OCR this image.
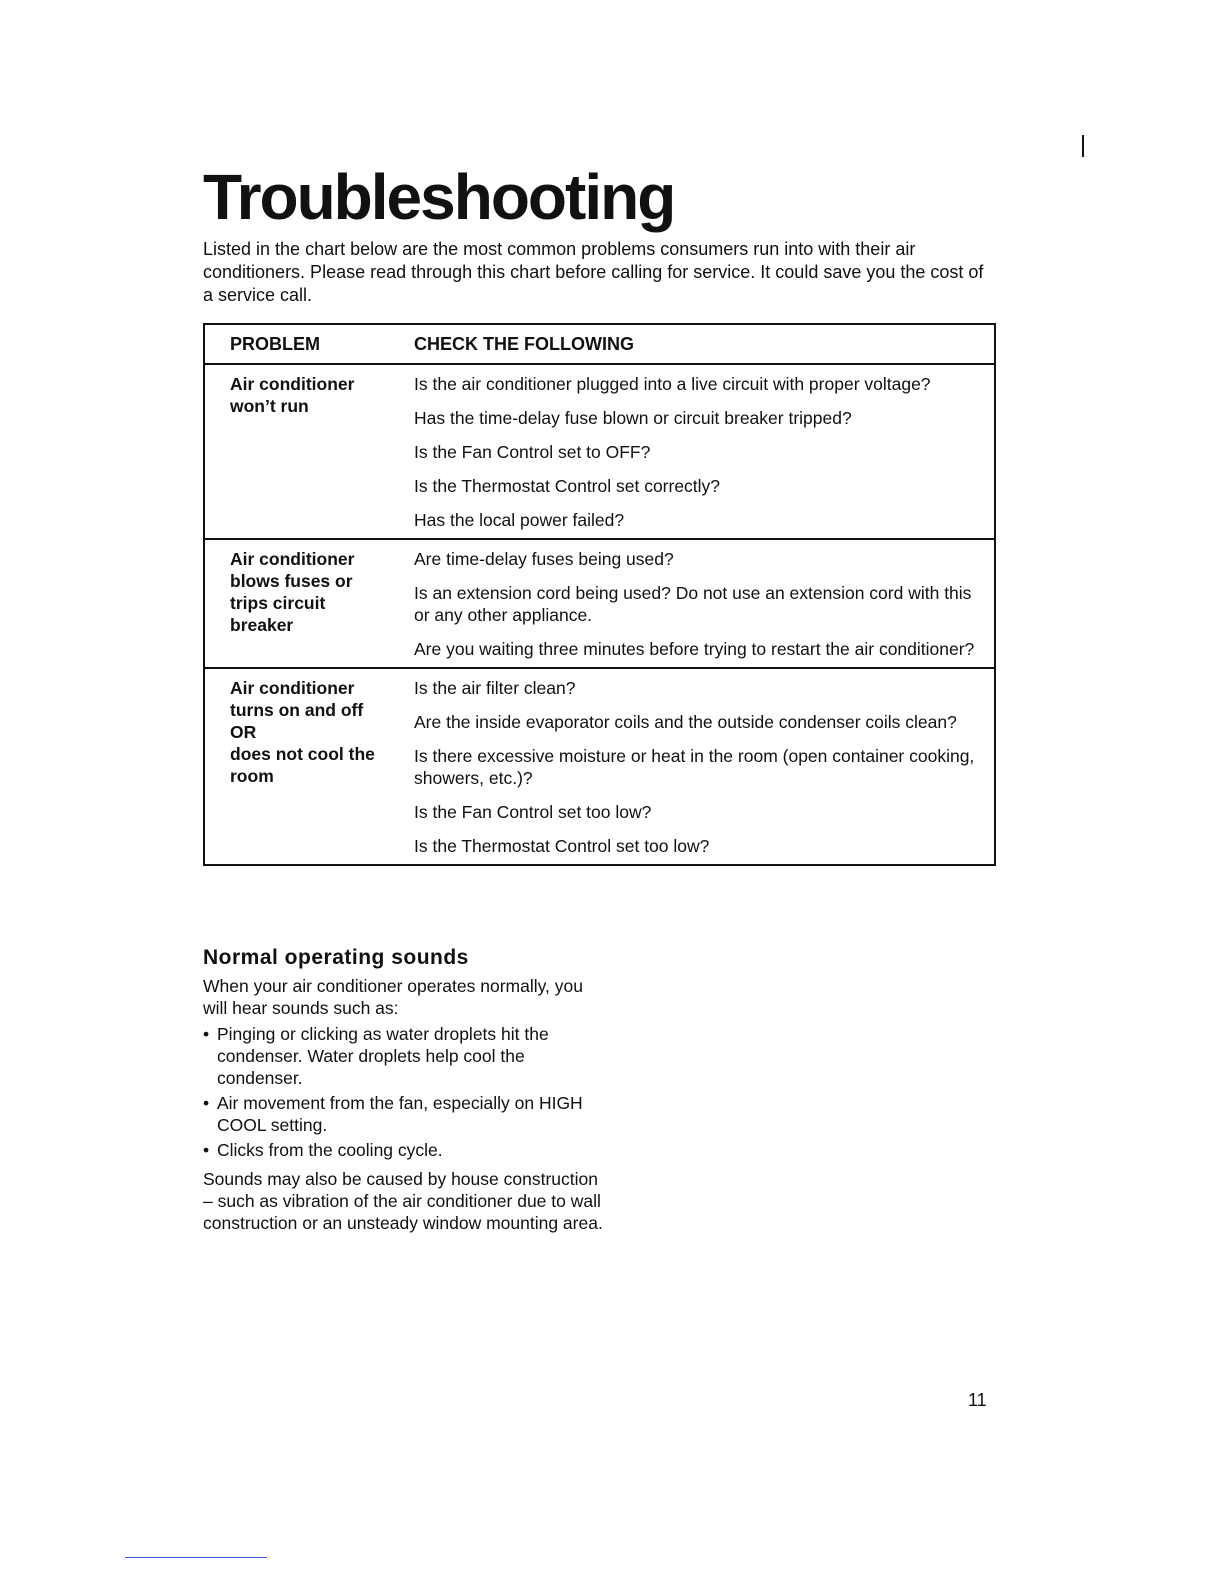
Troubleshooting

Listed in the chart below are the most common problems consumers run into with their air conditioners. Please read through this chart before calling for service. It could save you the cost of a service call.

PROBLEM	CHECK THE FOLLOWING
Air conditioner
won’t run

Is the air conditioner plugged into a live circuit with proper voltage?

Has the time-delay fuse blown or circuit breaker tripped?

Is the Fan Control set to OFF?

Is the Thermostat Control set correctly?

Has the local power failed?

Air conditioner
blows fuses or
trips circuit
breaker

Are time-delay fuses being used?

Is an extension cord being used? Do not use an extension cord with this or any other appliance.

Are you waiting three minutes before trying to restart the air conditioner?

Air conditioner
turns on and off
OR
does not cool the
room

Is the air filter clean?

Are the inside evaporator coils and the outside condenser coils clean?

Is there excessive moisture or heat in the room (open container cooking, showers, etc.)?

Is the Fan Control set too low?

Is the Thermostat Control set too low?

Normal operating sounds

When your air conditioner operates normally, you will hear sounds such as:

• Pinging or clicking as water droplets hit the condenser. Water droplets help cool the condenser.
• Air movement from the fan, especially on HIGH COOL setting.
• Clicks from the cooling cycle.

Sounds may also be caused by house construction – such as vibration of the air conditioner due to wall construction or an unsteady window mounting area.

11
